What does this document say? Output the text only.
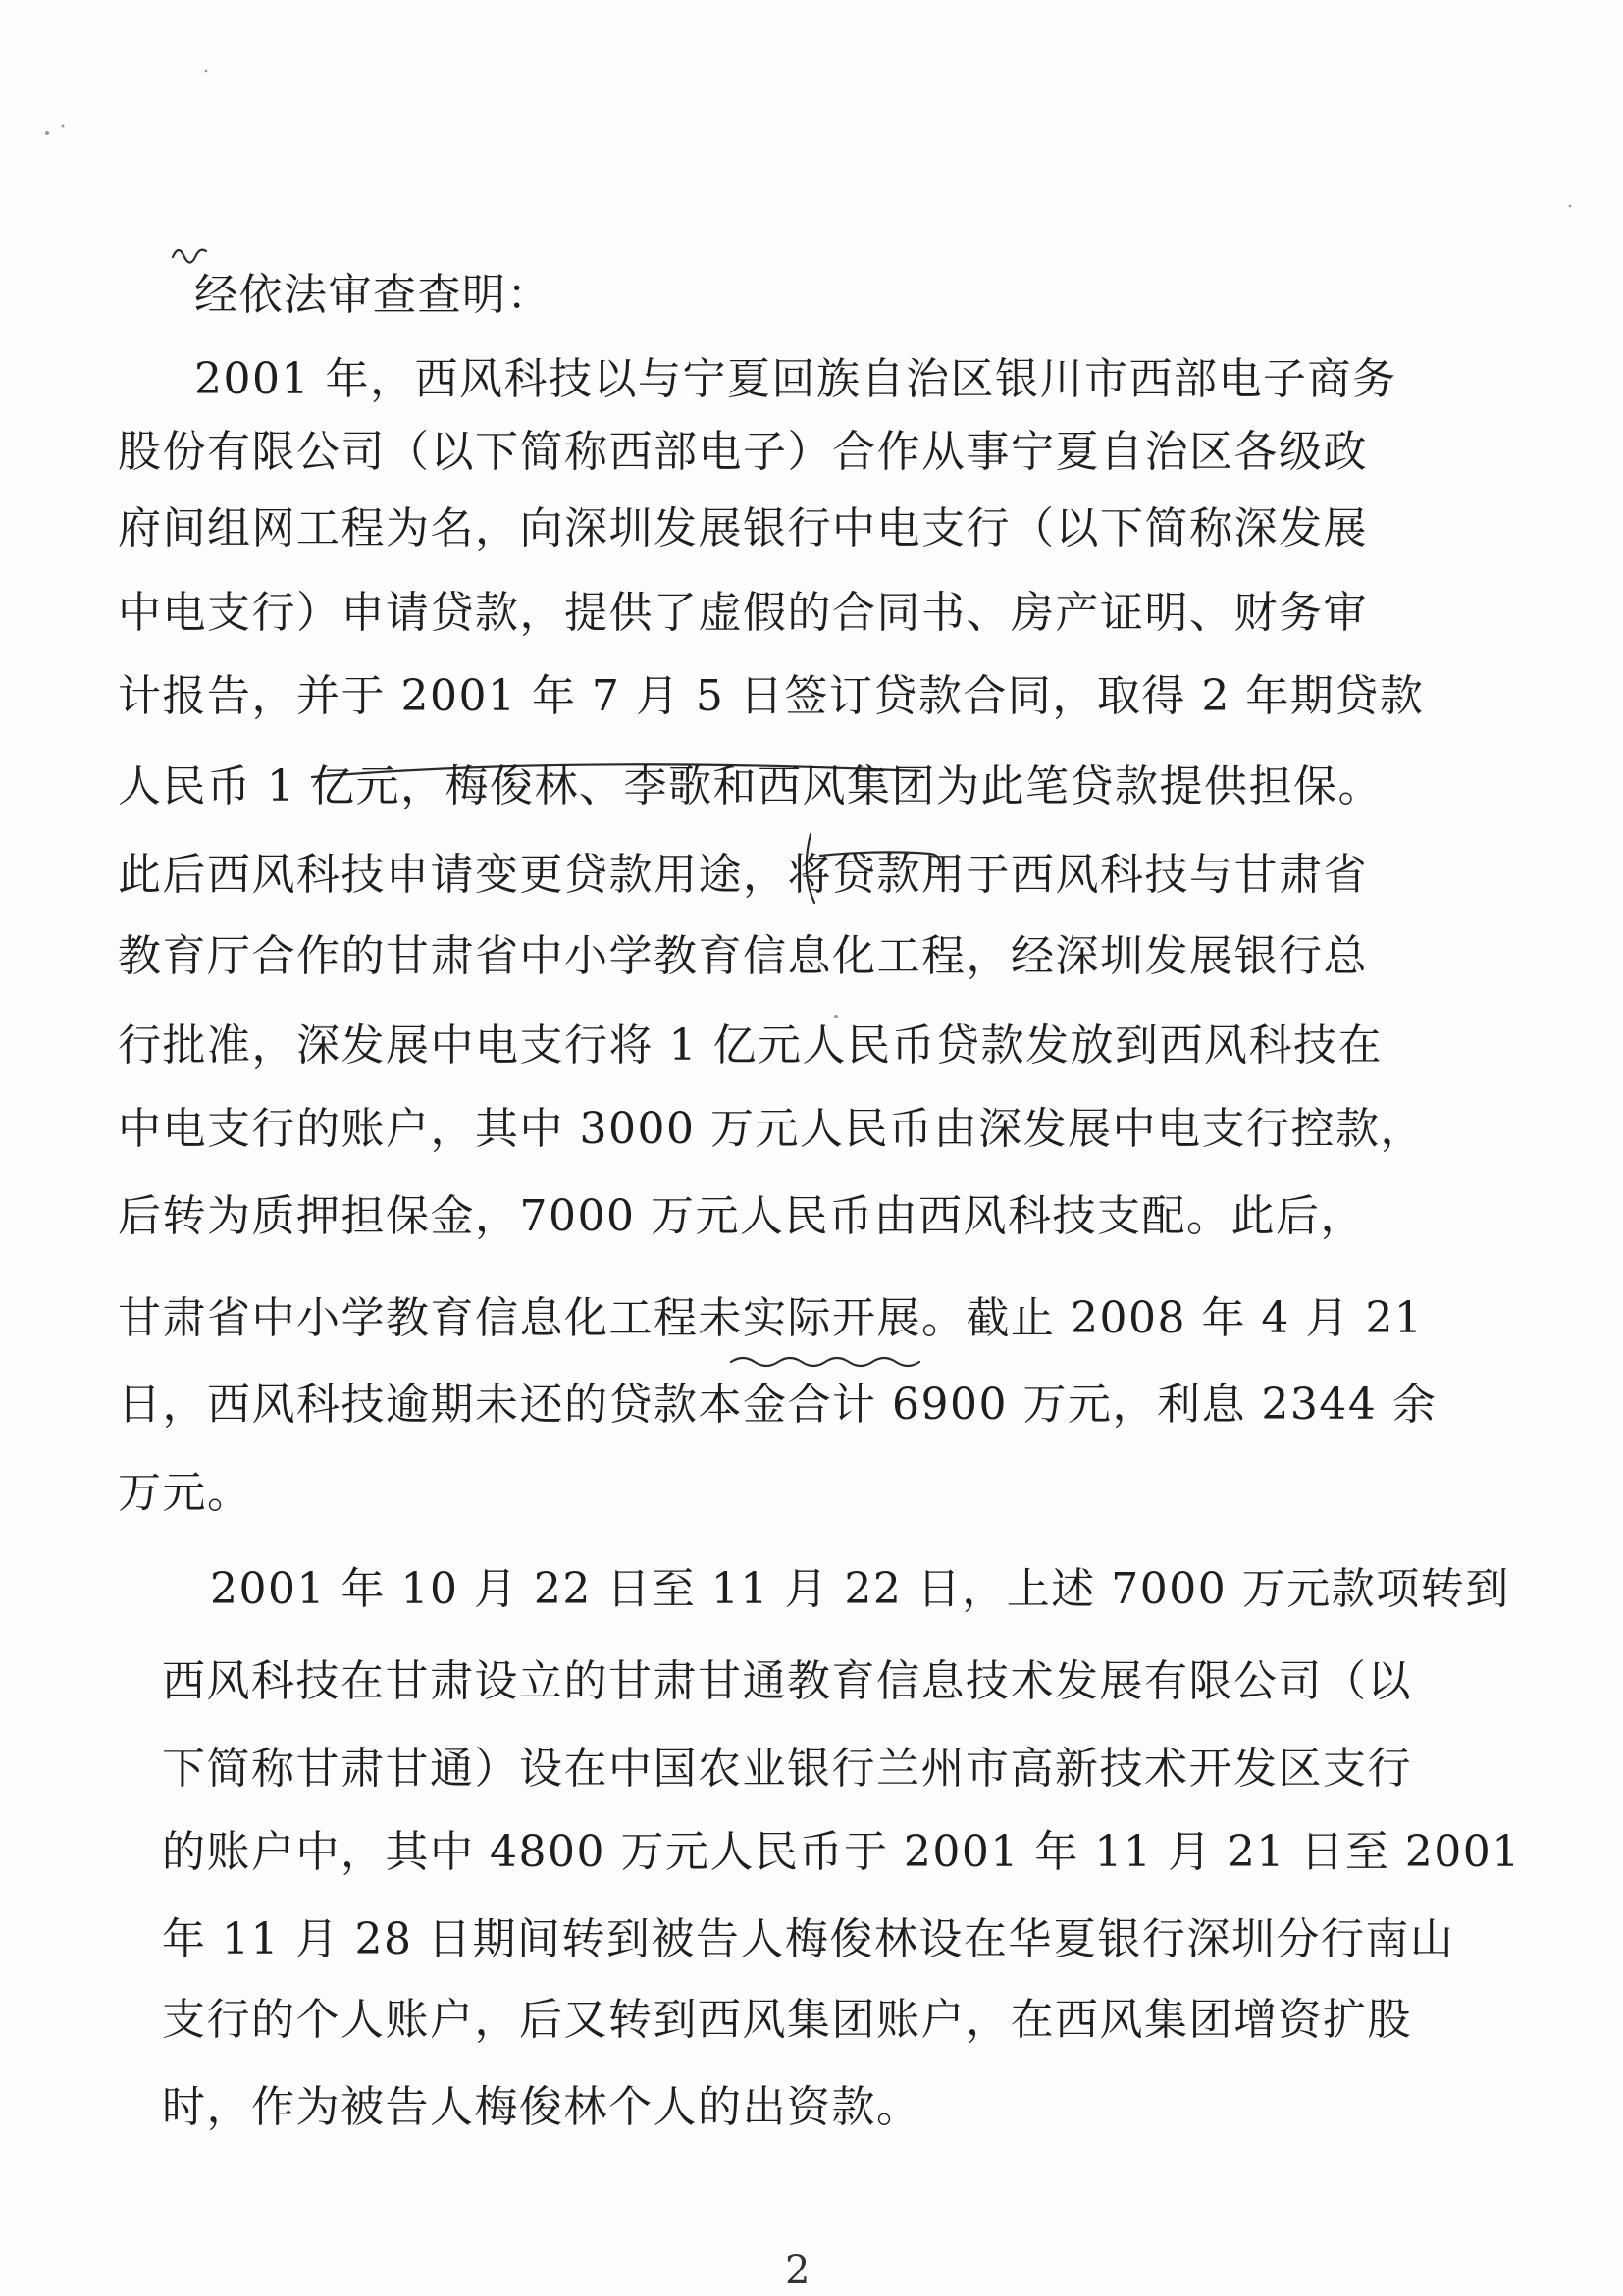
经依法审查查明：
2001 年，西风科技以与宁夏回族自治区银川市西部电子商务
股份有限公司（以下简称西部电子）合作从事宁夏自治区各级政
府间组网工程为名，向深圳发展银行中电支行（以下简称深发展
中电支行）申请贷款，提供了虚假的合同书、房产证明、财务审
计报告，并于 2001 年 7 月 5 日签订贷款合同，取得 2 年期贷款
人民币 1 亿元，梅俊林、李歌和西风集团为此笔贷款提供担保。
此后西风科技申请变更贷款用途，将贷款用于西风科技与甘肃省
教育厅合作的甘肃省中小学教育信息化工程，经深圳发展银行总
行批准，深发展中电支行将 1 亿元人民币贷款发放到西风科技在
中电支行的账户，其中 3000 万元人民币由深发展中电支行控款，
后转为质押担保金，7000 万元人民币由西风科技支配。此后，
甘肃省中小学教育信息化工程未实际开展。截止 2008 年 4 月 21
日，西风科技逾期未还的贷款本金合计 6900 万元，利息 2344 余
万元。
2001 年 10 月 22 日至 11 月 22 日，上述 7000 万元款项转到
西风科技在甘肃设立的甘肃甘通教育信息技术发展有限公司（以
下简称甘肃甘通）设在中国农业银行兰州市高新技术开发区支行
的账户中，其中 4800 万元人民币于 2001 年 11 月 21 日至 2001
年 11 月 28 日期间转到被告人梅俊林设在华夏银行深圳分行南山
支行的个人账户，后又转到西风集团账户，在西风集团增资扩股
时，作为被告人梅俊林个人的出资款。
2
